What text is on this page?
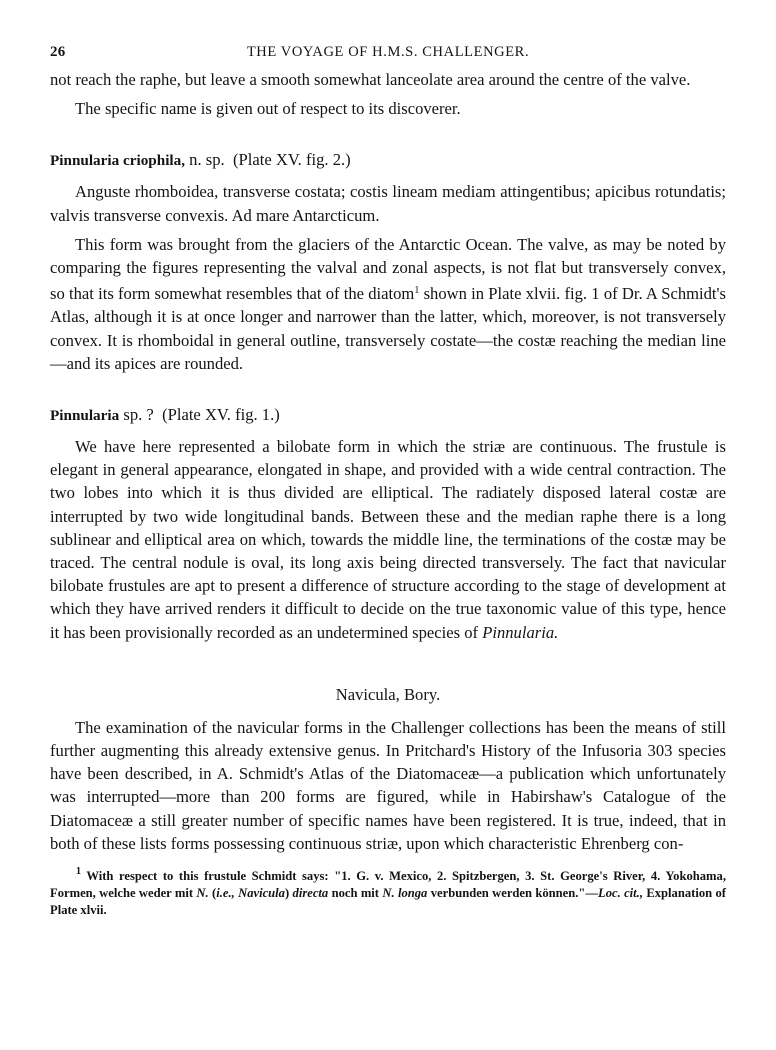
26	THE VOYAGE OF H.M.S. CHALLENGER.

not reach the raphe, but leave a smooth somewhat lanceolate area around the centre of the valve.

The specific name is given out of respect to its discoverer.

Pinnularia criophila, n. sp. (Plate XV. fig. 2.)

Anguste rhomboidea, transverse costata; costis lineam mediam attingentibus; apicibus rotundatis; valvis transverse convexis. Ad mare Antarcticum.

This form was brought from the glaciers of the Antarctic Ocean. The valve, as may be noted by comparing the figures representing the valval and zonal aspects, is not flat but transversely convex, so that its form somewhat resembles that of the diatom$^1$ shown in Plate xlvii. fig. 1 of Dr. A Schmidt's Atlas, although it is at once longer and narrower than the latter, which, moreover, is not transversely convex. It is rhomboidal in general outline, transversely costate—the costæ reaching the median line—and its apices are rounded.

Pinnularia sp. ? (Plate XV. fig. 1.)

We have here represented a bilobate form in which the striæ are continuous. The frustule is elegant in general appearance, elongated in shape, and provided with a wide central contraction. The two lobes into which it is thus divided are elliptical. The radiately disposed lateral costæ are interrupted by two wide longitudinal bands. Between these and the median raphe there is a long sublinear and elliptical area on which, towards the middle line, the terminations of the costæ may be traced. The central nodule is oval, its long axis being directed transversely. The fact that navicular bilobate frustules are apt to present a difference of structure according to the stage of development at which they have arrived renders it difficult to decide on the true taxonomic value of this type, hence it has been provisionally recorded as an undetermined species of Pinnularia.

Navicula, Bory.

The examination of the navicular forms in the Challenger collections has been the means of still further augmenting this already extensive genus. In Pritchard's History of the Infusoria 303 species have been described, in A. Schmidt's Atlas of the Diatomaceæ—a publication which unfortunately was interrupted—more than 200 forms are figured, while in Habirshaw's Catalogue of the Diatomaceæ a still greater number of specific names have been registered. It is true, indeed, that in both of these lists forms possessing continuous striæ, upon which characteristic Ehrenberg con-

$^1$ With respect to this frustule Schmidt says: "1. G. v. Mexico, 2. Spitzbergen, 3. St. George's River, 4. Yokohama, Formen, welche weder mit N. (i.e., Navicula) directa noch mit N. longa verbunden werden können."—Loc. cit., Explanation of Plate xlvii.
